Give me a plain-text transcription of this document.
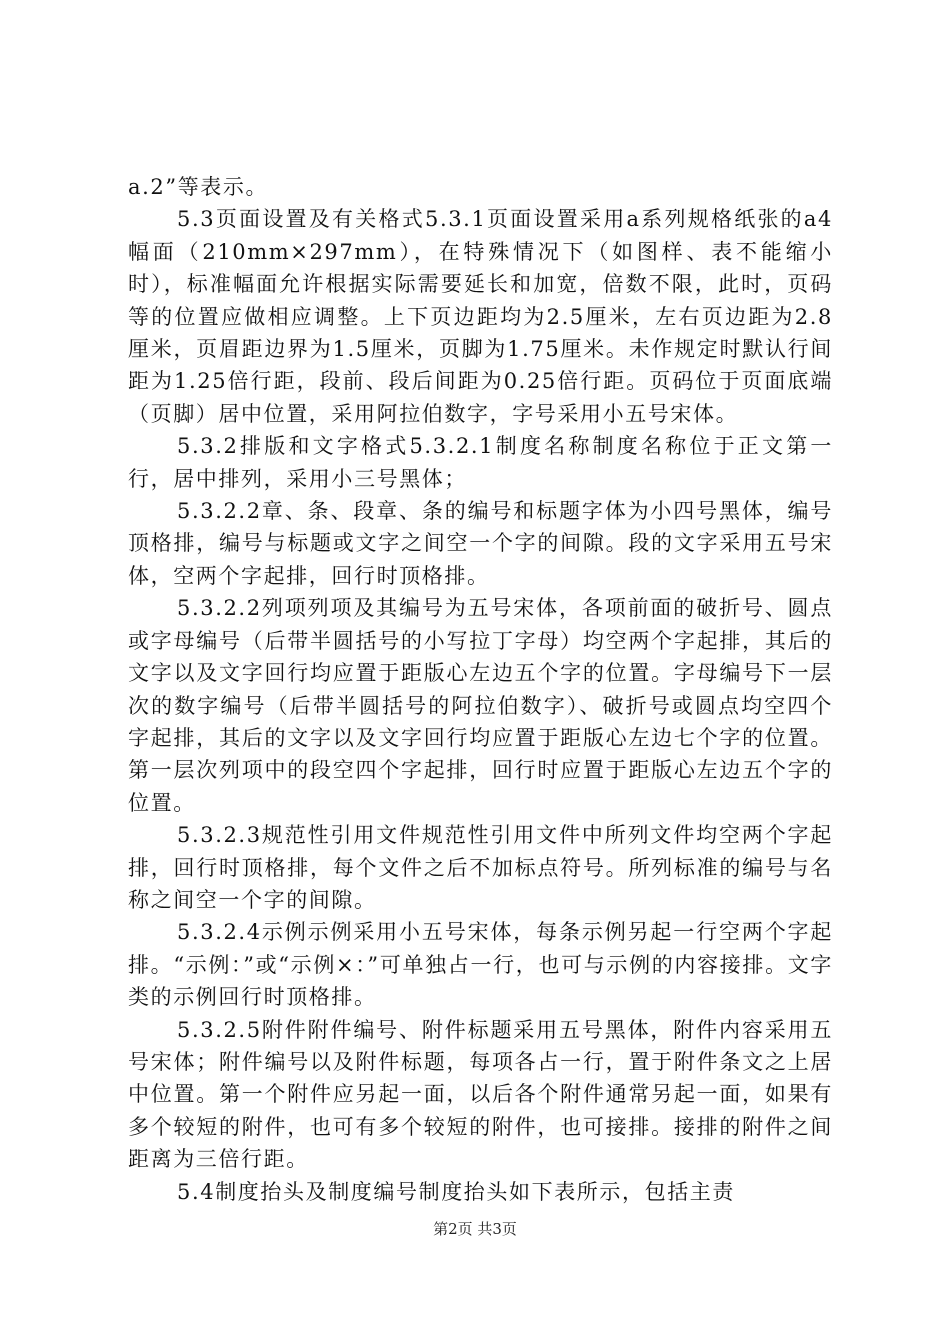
a.2”等表示。

5.3页面设置及有关格式5.3.1页面设置采用a系列规格纸张的a4幅面（210mm×297mm），在特殊情况下（如图样、表不能缩小时），标准幅面允许根据实际需要延长和加宽，倍数不限，此时，页码等的位置应做相应调整。上下页边距均为2.5厘米，左右页边距为2.8厘米，页眉距边界为1.5厘米，页脚为1.75厘米。未作规定时默认行间距为1.25倍行距，段前、段后间距为0.25倍行距。页码位于页面底端（页脚）居中位置，采用阿拉伯数字，字号采用小五号宋体。

5.3.2排版和文字格式5.3.2.1制度名称制度名称位于正文第一行，居中排列，采用小三号黑体；

5.3.2.2章、条、段章、条的编号和标题字体为小四号黑体，编号顶格排，编号与标题或文字之间空一个字的间隙。段的文字采用五号宋体，空两个字起排，回行时顶格排。

5.3.2.2列项列项及其编号为五号宋体，各项前面的破折号、圆点或字母编号（后带半圆括号的小写拉丁字母）均空两个字起排，其后的文字以及文字回行均应置于距版心左边五个字的位置。字母编号下一层次的数字编号（后带半圆括号的阿拉伯数字）、破折号或圆点均空四个字起排，其后的文字以及文字回行均应置于距版心左边七个字的位置。第一层次列项中的段空四个字起排，回行时应置于距版心左边五个字的位置。

5.3.2.3规范性引用文件规范性引用文件中所列文件均空两个字起排，回行时顶格排，每个文件之后不加标点符号。所列标准的编号与名称之间空一个字的间隙。

5.3.2.4示例示例采用小五号宋体，每条示例另起一行空两个字起排。“示例：”或“示例×：”可单独占一行，也可与示例的内容接排。文字类的示例回行时顶格排。

5.3.2.5附件附件编号、附件标题采用五号黑体，附件内容采用五号宋体；附件编号以及附件标题，每项各占一行，置于附件条文之上居中位置。第一个附件应另起一面，以后各个附件通常另起一面，如果有多个较短的附件，也可有多个较短的附件，也可接排。接排的附件之间距离为三倍行距。

5.4制度抬头及制度编号制度抬头如下表所示，包括主责

第2页 共3页
